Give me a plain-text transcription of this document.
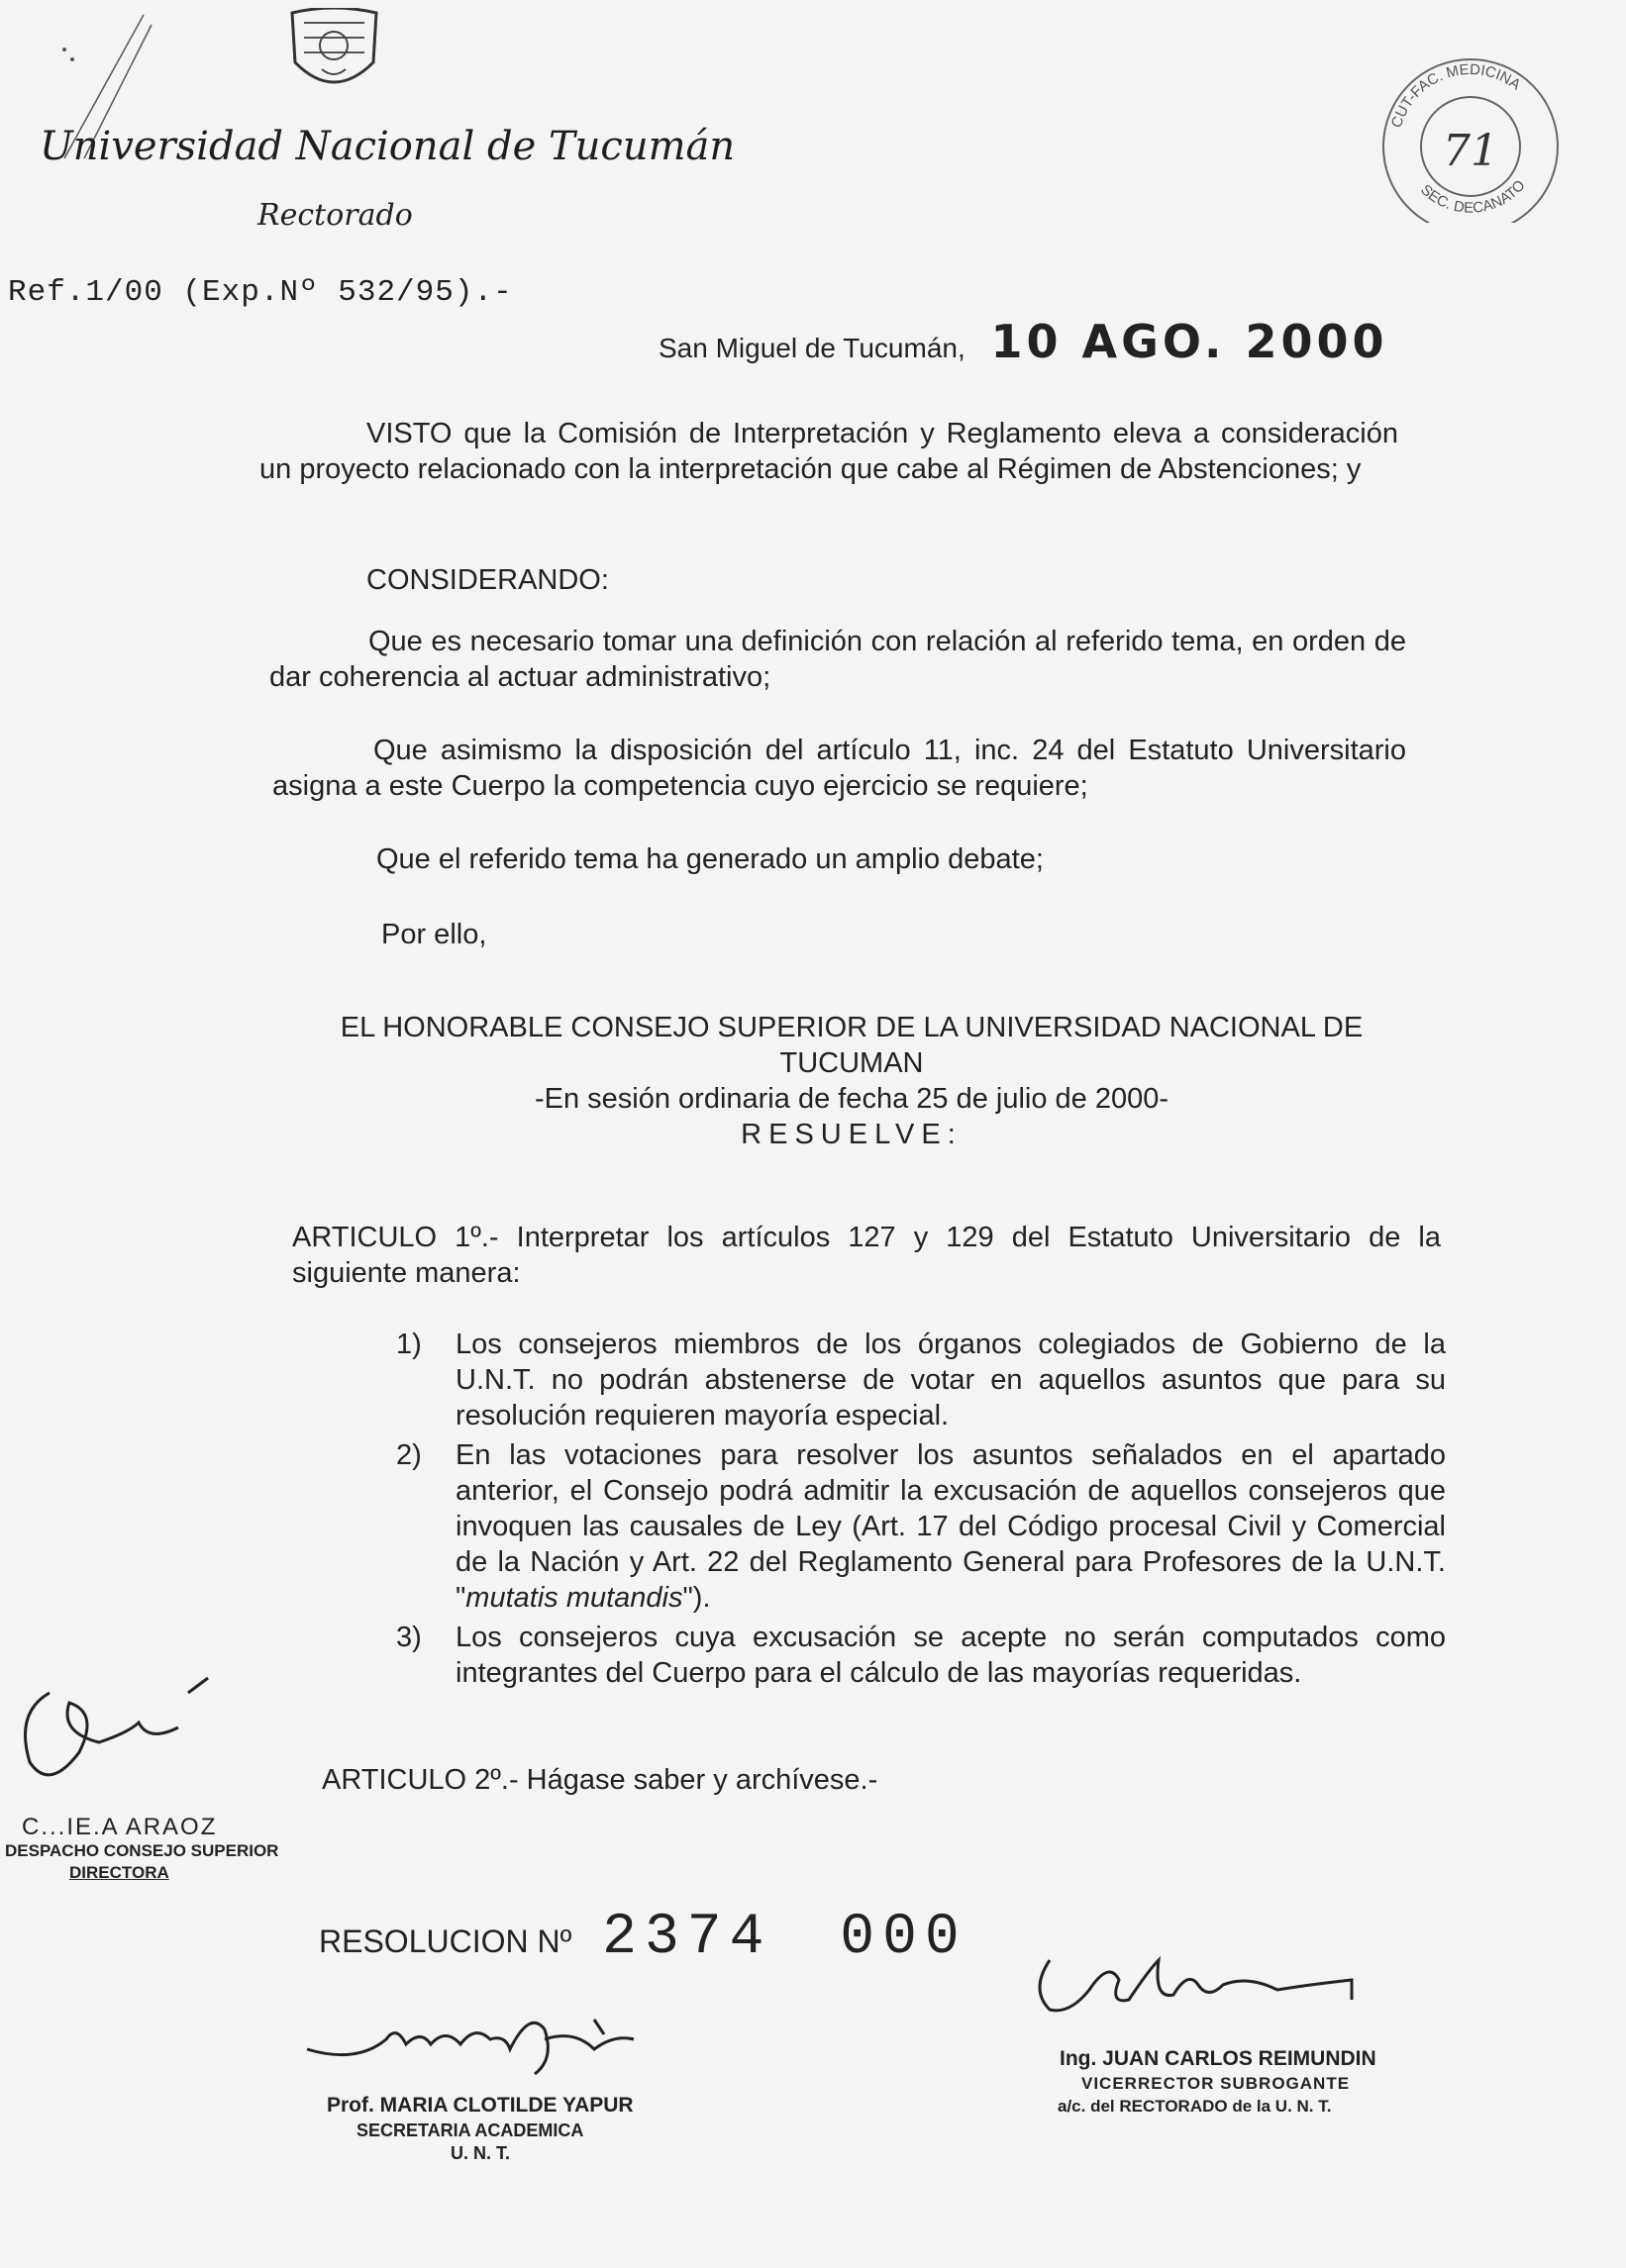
Universidad Nacional de Tucumán
Rectorado
Ref.1/00 (Exp.Nº 532/95).-
San Miguel de Tucumán, 10 AGO. 2000
CUT-FAC. MEDICINA
SEC. DECANATO
71
VISTO que la Comisión de Interpretación y Reglamento eleva a consideración un proyecto relacionado con la interpretación que cabe al Régimen de Abstenciones; y
CONSIDERANDO:
Que es necesario tomar una definición con relación al referido tema, en orden de dar coherencia al actuar administrativo;
Que asimismo la disposición del artículo 11, inc. 24 del Estatuto Universitario asigna a este Cuerpo la competencia cuyo ejercicio se requiere;
Que el referido tema ha generado un amplio debate;
Por ello,
EL HONORABLE CONSEJO SUPERIOR DE LA UNIVERSIDAD NACIONAL DE
TUCUMAN
-En sesión ordinaria de fecha 25 de julio de 2000-
RESUELVE:
ARTICULO 1º.- Interpretar los artículos 127 y 129 del Estatuto Universitario de la siguiente manera:
1) Los consejeros miembros de los órganos colegiados de Gobierno de la U.N.T. no podrán abstenerse de votar en aquellos asuntos que para su resolución requieren mayoría especial.
2) En las votaciones para resolver los asuntos señalados en el apartado anterior, el Consejo podrá admitir la excusación de aquellos consejeros que invoquen las causales de Ley (Art. 17 del Código procesal Civil y Comercial de la Nación y Art. 22 del Reglamento General para Profesores de la U.N.T. "mutatis mutandis").
3) Los consejeros cuya excusación se acepte no serán computados como integrantes del Cuerpo para el cálculo de las mayorías requeridas.
ARTICULO 2º.- Hágase saber y archívese.-
C...IE.A ARAOZ
DESPACHO CONSEJO SUPERIOR
DIRECTORA
RESOLUCION Nº 2374 000
Prof. MARIA CLOTILDE YAPUR
SECRETARIA ACADEMICA
U. N. T.
Ing. JUAN CARLOS REIMUNDIN
VICERRECTOR SUBROGANTE
a/c. del RECTORADO de la U. N. T.
